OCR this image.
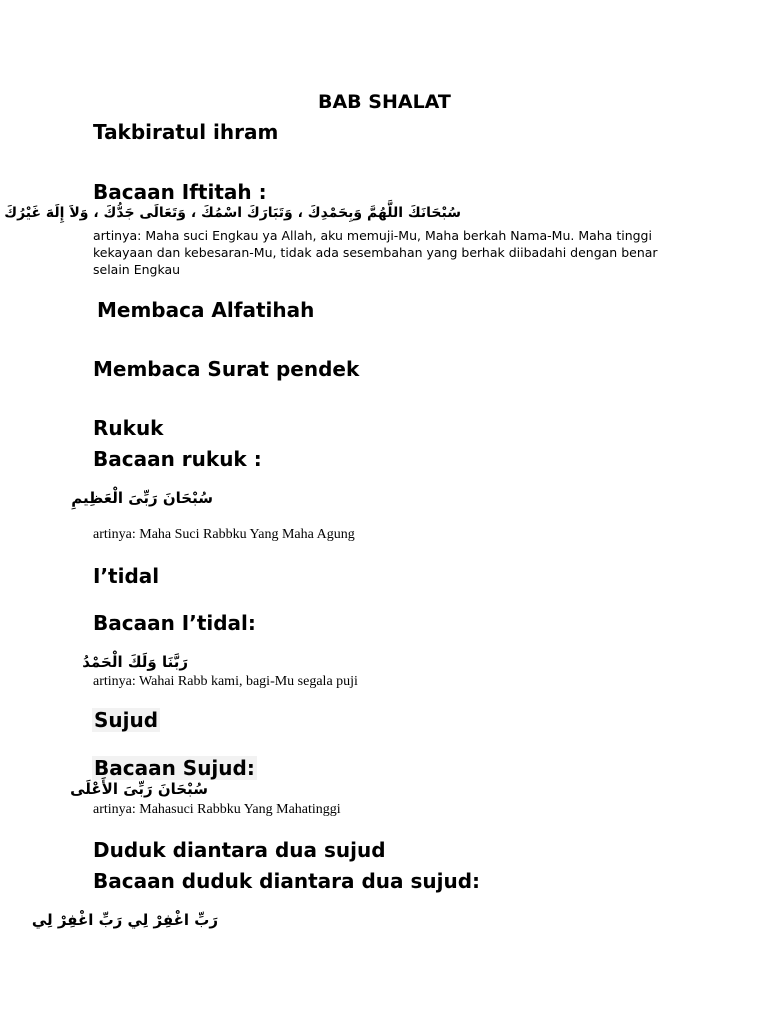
BAB SHALAT
Takbiratul ihram
Bacaan Iftitah :
سُبْحَانَكَ اللَّهُمَّ وَبِحَمْدِكَ ، وَتَبَارَكَ اسْمُكَ ، وَتَعَالَى جَدُّكَ ، وَلاَ إِلَهَ غَيْرُكَ
artinya: Maha suci Engkau ya Allah, aku memuji-Mu, Maha berkah Nama-Mu. Maha tinggi
kekayaan dan kebesaran-Mu, tidak ada sesembahan yang berhak diibadahi dengan benar
selain Engkau
Membaca Alfatihah
Membaca Surat pendek
Rukuk
Bacaan rukuk :
سُبْحَانَ رَبِّىَ الْعَظِيمِ
artinya: Maha Suci Rabbku Yang Maha Agung
I’tidal
Bacaan I’tidal:
رَبَّنَا وَلَكَ الْحَمْدُ
artinya: Wahai Rabb kami, bagi-Mu segala puji
Sujud
Bacaan Sujud:
سُبْحَانَ رَبِّىَ الأَعْلَى
artinya: Mahasuci Rabbku Yang Mahatinggi
Duduk diantara dua sujud
Bacaan duduk diantara dua sujud:
رَبِّ اغْفِرْ لِي رَبِّ اغْفِرْ لِي
